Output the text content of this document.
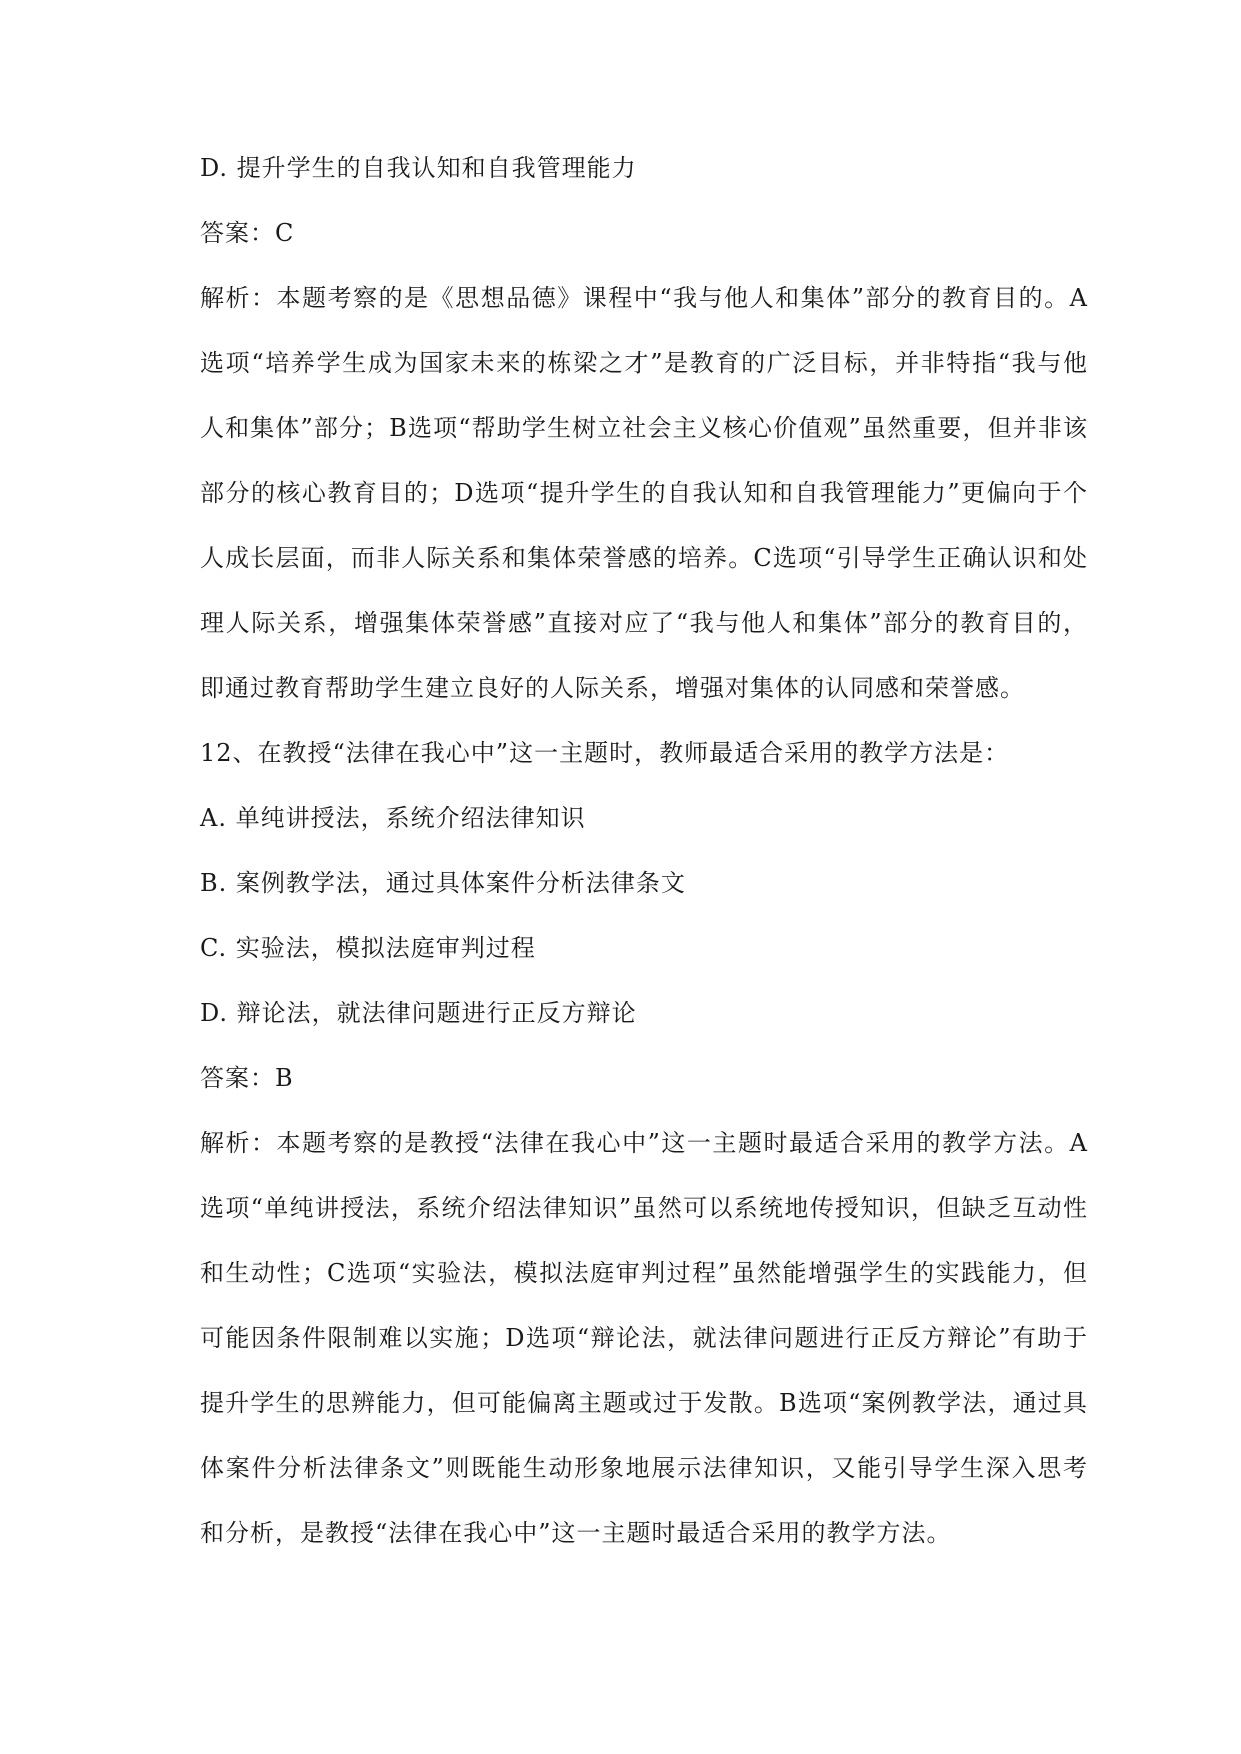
D. 提升学生的自我认知和自我管理能力

答案：C

解析：本题考察的是《思想品德》课程中“我与他人和集体”部分的教育目的。A选项“培养学生成为国家未来的栋梁之才”是教育的广泛目标，并非特指“我与他人和集体”部分；B选项“帮助学生树立社会主义核心价值观”虽然重要，但并非该部分的核心教育目的；D选项“提升学生的自我认知和自我管理能力”更偏向于个人成长层面，而非人际关系和集体荣誉感的培养。C选项“引导学生正确认识和处理人际关系，增强集体荣誉感”直接对应了“我与他人和集体”部分的教育目的，即通过教育帮助学生建立良好的人际关系，增强对集体的认同感和荣誉感。

12、在教授“法律在我心中”这一主题时，教师最适合采用的教学方法是：

A. 单纯讲授法，系统介绍法律知识

B. 案例教学法，通过具体案件分析法律条文

C. 实验法，模拟法庭审判过程

D. 辩论法，就法律问题进行正反方辩论

答案：B

解析：本题考察的是教授“法律在我心中”这一主题时最适合采用的教学方法。A选项“单纯讲授法，系统介绍法律知识”虽然可以系统地传授知识，但缺乏互动性和生动性；C选项“实验法，模拟法庭审判过程”虽然能增强学生的实践能力，但可能因条件限制难以实施；D选项“辩论法，就法律问题进行正反方辩论”有助于提升学生的思辨能力，但可能偏离主题或过于发散。B选项“案例教学法，通过具体案件分析法律条文”则既能生动形象地展示法律知识，又能引导学生深入思考和分析，是教授“法律在我心中”这一主题时最适合采用的教学方法。
